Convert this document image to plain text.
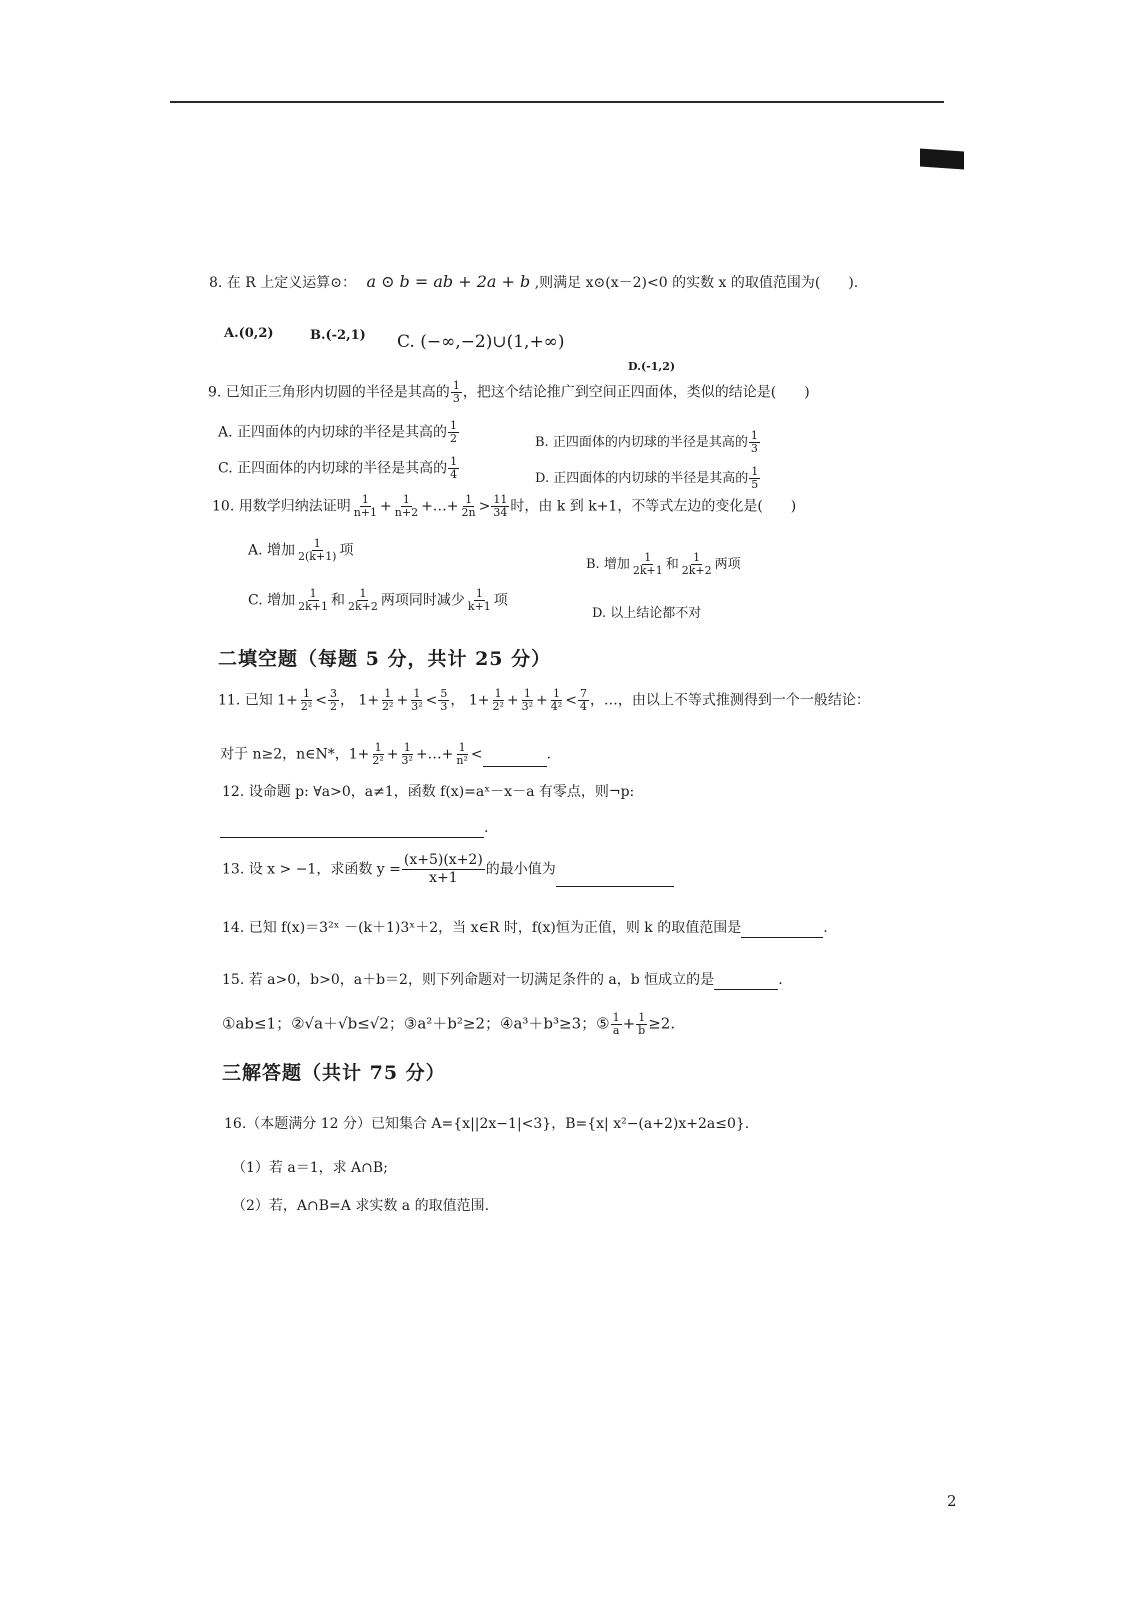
8. 在 R 上定义运算⊙： a ⊙ b = ab + 2a + b ,则满足 x⊙(x－2)<0 的实数 x 的取值范围为(　　).
A.(0,2)	B.(-2,1) C. (−∞,−2)∪(1,+∞)
D.(-1,2)
9. 已知正三角形内切圆的半径是其高的 $\frac{1}{3}$ ，把这个结论推广到空间正四面体，类似的结论是(　　)
A. 正四面体的内切球的半径是其高的 $\frac{1}{2}$	B. 正四面体的内切球的半径是其高的 $\frac{1}{3}$
C. 正四面体的内切球的半径是其高的 $\frac{1}{4}$	D. 正四面体的内切球的半径是其高的 $\frac{1}{5}$
10. 用数学归纳法证明 $\frac{1}{n+1} + \frac{1}{n+2}$ +…+ $\frac{1}{2n} > \frac{11}{34}$ 时，由 k 到 k+1，不等式左边的变化是(　　)
A. 增加 $\frac{1}{2(k+1)}$ 项
B. 增加 $\frac{1}{2k+1}$ 和 $\frac{1}{2k+2}$ 两项
C. 增加 $\frac{1}{2k+1}$ 和 $\frac{1}{2k+2}$ 两项同时减少 $\frac{1}{k+1}$ 项
D. 以上结论都不对
二填空题（每题 5 分，共计 25 分）
11. 已知 $1+ \frac{1}{\text{2²}} < \frac{3}{2}$ ， $1+ \frac{1}{\text{2²}} + \frac{1}{\text{3²}} < \frac{5}{3}$ ， $1+ \frac{1}{\text{2²}} + \frac{1}{\text{3²}} + \frac{1}{\text{4²}} < \frac{7}{4}$ ，…，由以上不等式推测得到一个一般结论：
对于 n≥2，n∈N*，$1+ \frac{1}{\text{2²}} + \frac{1}{\text{3²}}$ +…+ $\frac{1}{\text{n²}}$ <	.
12. 设命题 p: ∀a>0，a≠1，函数 f(x)=aˣ－x－a 有零点，则¬p:
.
13. 设 x > −1，求函数 $y = \frac{(x+5)(x+2)}{x+1}$ 的最小值为
14. 已知 f(x)＝3²ˣ －(k＋1)3ˣ＋2，当 x∈R 时，f(x)恒为正值，则 k 的取值范围是	.
15. 若 a>0，b>0，a＋b＝2，则下列命题对一切满足条件的 a，b 恒成立的是	.
①ab≤1；②√a＋√b≤√2；③a²＋b²≥2；④a³＋b³≥3；⑤ $\frac{1}{a} + \frac{1}{b} \ge 2$.
三解答题（共计 75 分）
16.（本题满分 12 分）已知集合 A={x||2x−1|<3}，B={x| x²−(a+2)x+2a≤0}.
（1）若 a＝1，求 A∩B;
（2）若，A∩B=A 求实数 a 的取值范围.
2
